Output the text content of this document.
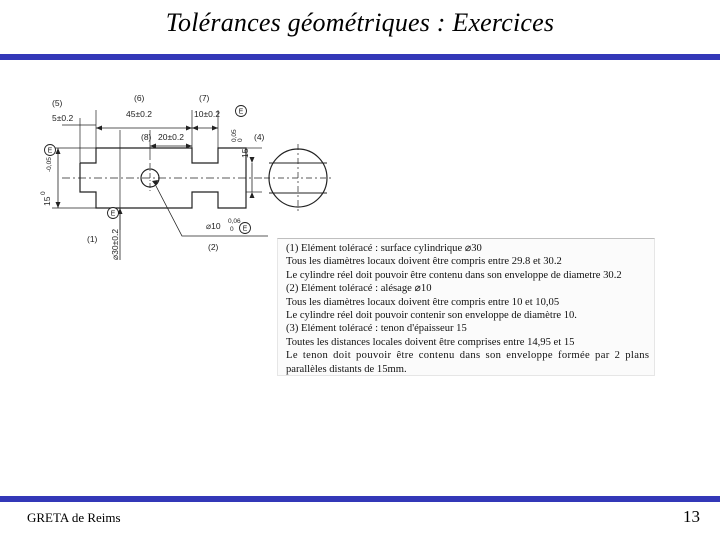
Tolérances géométriques : Exercices
E
E
E
E
(5)	(6)	(7)
(8)	(4)
(1)
(2)
5±0.2	45±0.2	10±0.2
20±0.2
⌀10 0,06
0
0,05 0
15
0
-0,05
15
⌀30±0.2	(1) Elément toléracé : surface cylindrique ⌀30
Tous les diamètres locaux doivent être compris entre 29.8 et 30.2
Le cylindre réel doit pouvoir être contenu dans son enveloppe de diametre 30.2
(2) Elément toléracé : alésage ⌀10
Tous les diamètres locaux doivent être compris entre 10 et 10,05
Le cylindre réel doit pouvoir contenir son enveloppe de diamètre 10.
(3) Elément toléracé : tenon d'épaisseur 15
Toutes les distances locales doivent être comprises entre 14,95 et 15
Le tenon doit pouvoir être contenu dans son enveloppe formée par 2 plans
parallèles distants de 15mm.
GRETA de Reims	13
